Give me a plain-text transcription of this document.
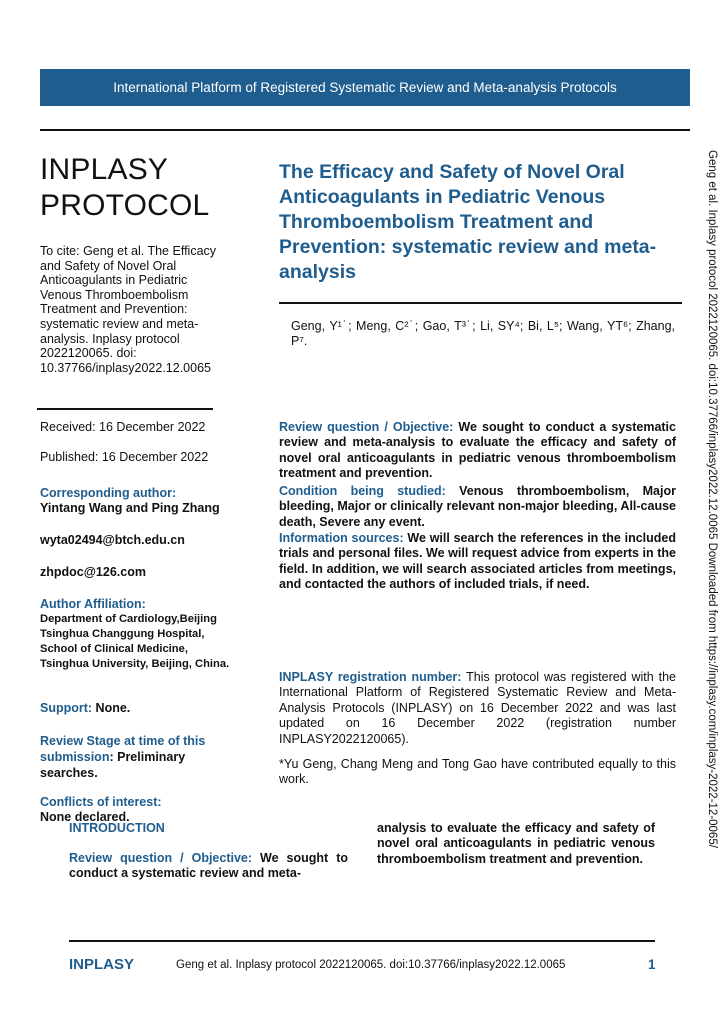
International Platform of Registered Systematic Review and Meta-analysis Protocols
INPLASY
PROTOCOL
To cite: Geng et al. The Efficacy and Safety of Novel Oral Anticoagulants in Pediatric Venous Thromboembolism Treatment and Prevention: systematic review and meta-analysis. Inplasy protocol 2022120065. doi: 10.37766/inplasy2022.12.0065
Received: 16 December 2022
Published: 16 December 2022
Corresponding author:
Yintang Wang and Ping Zhang
wyta02494@btch.edu.cn
zhpdoc@126.com
Author Affiliation:
Department of Cardiology,Beijing Tsinghua Changgung Hospital, School of Clinical Medicine, Tsinghua University, Beijing, China.
Support: None.
Review Stage at time of this submission: Preliminary searches.
Conflicts of interest:
None declared.
The Efficacy and Safety of Novel Oral Anticoagulants in Pediatric Venous Thromboembolism Treatment and Prevention: systematic review and meta-analysis
Geng, Y¹˙; Meng, C²˙; Gao, T³˙; Li, SY⁴; Bi, L⁵; Wang, YT⁶; Zhang, P⁷.
Review question / Objective: We sought to conduct a systematic review and meta-analysis to evaluate the efficacy and safety of novel oral anticoagulants in pediatric venous thromboembolism treatment and prevention.
Condition being studied: Venous thromboembolism, Major bleeding, Major or clinically relevant non-major bleeding, All-cause death, Severe any event.
Information sources: We will search the references in the included trials and personal files. We will request advice from experts in the field. In addition, we will search associated articles from meetings, and contacted the authors of included trials, if need.
INPLASY registration number: This protocol was registered with the International Platform of Registered Systematic Review and Meta-Analysis Protocols (INPLASY) on 16 December 2022 and was last updated on 16 December 2022 (registration number INPLASY2022120065).
*Yu Geng, Chang Meng and Tong Gao have contributed equally to this work.
INTRODUCTION
Review question / Objective: We sought to conduct a systematic review and meta-
analysis to evaluate the efficacy and safety of novel oral anticoagulants in pediatric venous thromboembolism treatment and prevention.
Geng et al. Inplasy protocol 2022120065. doi:10.37766/inplasy2022.12.0065 Downloaded from https://inplasy.com/inplasy-2022-12-0065/
INPLASY	Geng et al. Inplasy protocol 2022120065. doi:10.37766/inplasy2022.12.0065	1
